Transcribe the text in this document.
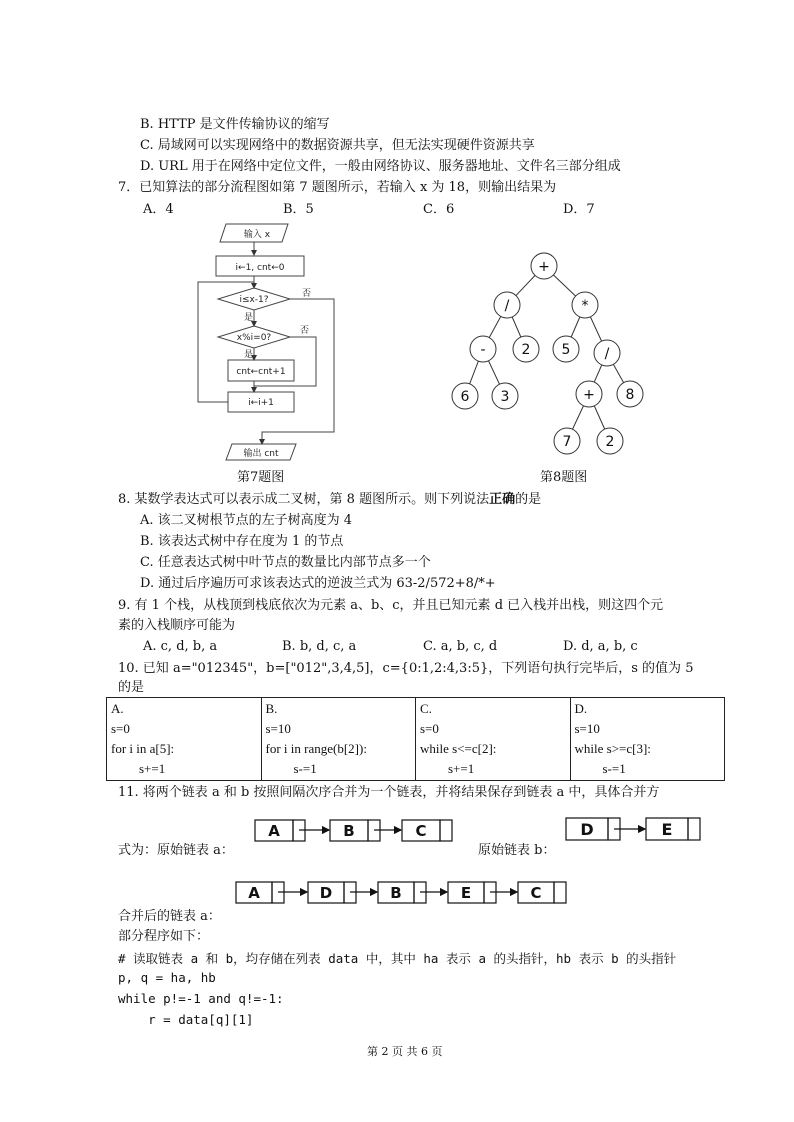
B. HTTP 是文件传输协议的缩写
C. 局域网可以实现网络中的数据资源共享，但无法实现硬件资源共享
D. URL 用于在网络中定位文件，一般由网络协议、服务器地址、文件名三部分组成
7．已知算法的部分流程图如第 7 题图所示，若输入 x 为 18，则输出结果为
A．4	B．5	C．6	D．7
输入 x
i←1, cnt←0
i≤x-1?
x%i=0?
cnt←cnt+1
i←i+1
输出 cnt
是
是
否
否
第7题图
+
/	*
-	2 5 /
6 3	+ 8
7 2
第8题图
8. 某数学表达式可以表示成二叉树，第 8 题图所示。则下列说法正确的是
A. 该二叉树根节点的左子树高度为 4
B. 该表达式树中存在度为 1 的节点
C. 任意表达式树中叶节点的数量比内部节点多一个
D. 通过后序遍历可求该表达式的逆波兰式为 63-2/572+8/*+
9. 有 1 个栈，从栈顶到栈底依次为元素 a、b、c，并且已知元素 d 已入栈并出栈，则这四个元
素的入栈顺序可能为
A. c, d, b, a	B. b, d, c, a	C. a, b, c, d	D. d, a, b, c
10. 已知 a="012345"，b=["012",3,4,5]，c={0:1,2:4,3:5}，下列语句执行完毕后，s 的值为 5
的是
A.
s=0
for i in a[5]:
s+=1

B.
s=10
for i in range(b[2]):
s-=1

C.
s=0
while s<=c[2]:
s+=1

D.
s=10
while s>=c[3]:
s-=1
11. 将两个链表 a 和 b 按照间隔次序合并为一个链表，并将结果保存到链表 a 中，具体合并方
式为：原始链表 a：	原始链表 b：
A	B	C	D	E
A	D	B	E	C
合并后的链表 a：
部分程序如下：
# 读取链表 a 和 b，均存储在列表 data 中，其中 ha 表示 a 的头指针，hb 表示 b 的头指针
p, q = ha, hb
while p!=-1 and q!=-1:
r = data[q][1]
第 2 页 共 6 页
